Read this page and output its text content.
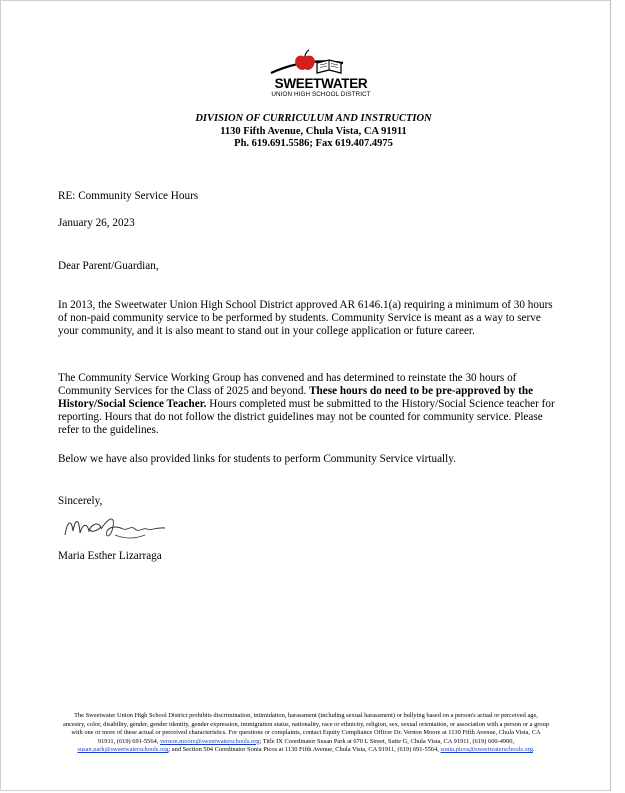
SWEETWATER
UNION HIGH SCHOOL DISTRICT
DIVISION OF CURRICULUM AND INSTRUCTION
1130 Fifth Avenue, Chula Vista, CA 91911
Ph. 619.691.5586; Fax 619.407.4975
RE: Community Service Hours
January 26, 2023
Dear Parent/Guardian,
In 2013, the Sweetwater Union High School District approved AR 6146.1(a) requiring a minimum of 30 hours of non-paid community service to be performed by students. Community Service is meant as a way to serve your community, and it is also meant to stand out in your college application or future career.
The Community Service Working Group has convened and has determined to reinstate the 30 hours of Community Services for the Class of 2025 and beyond. These hours do need to be pre-approved by the History/Social Science Teacher. Hours completed must be submitted to the History/Social Science teacher for reporting. Hours that do not follow the district guidelines may not be counted for community service. Please refer to the guidelines.
Below we have also provided links for students to perform Community Service virtually.
Sincerely,
Maria Esther Lizarraga
The Sweetwater Union High School District prohibits discrimination, intimidation, harassment (including sexual harassment) or bullying based on a person's actual or perceived age, ancestry, color, disability, gender, gender identity, gender expression, immigration status, nationality, race or ethnicity, religion, sex, sexual orientation, or association with a person or a group with one or more of these actual or perceived characteristics. For questions or complaints, contact Equity Compliance Officer Dr. Vernon Moore at 1130 Fifth Avenue, Chula Vista, CA 91911, (619) 691-5564, vernon.moore@sweetwaterschools.org; Title IX Coordinator Susan Park at 670 L Street, Suite G, Chula Vista, CA 91911, (619) 600-4900, susan.park@sweetwaterschools.org; and Section 504 Coordinator Sonia Picos at 1130 Fifth Avenue, Chula Vista, CA 91911, (619) 691-5564, sonia.picos@sweetwaterschools.org.
